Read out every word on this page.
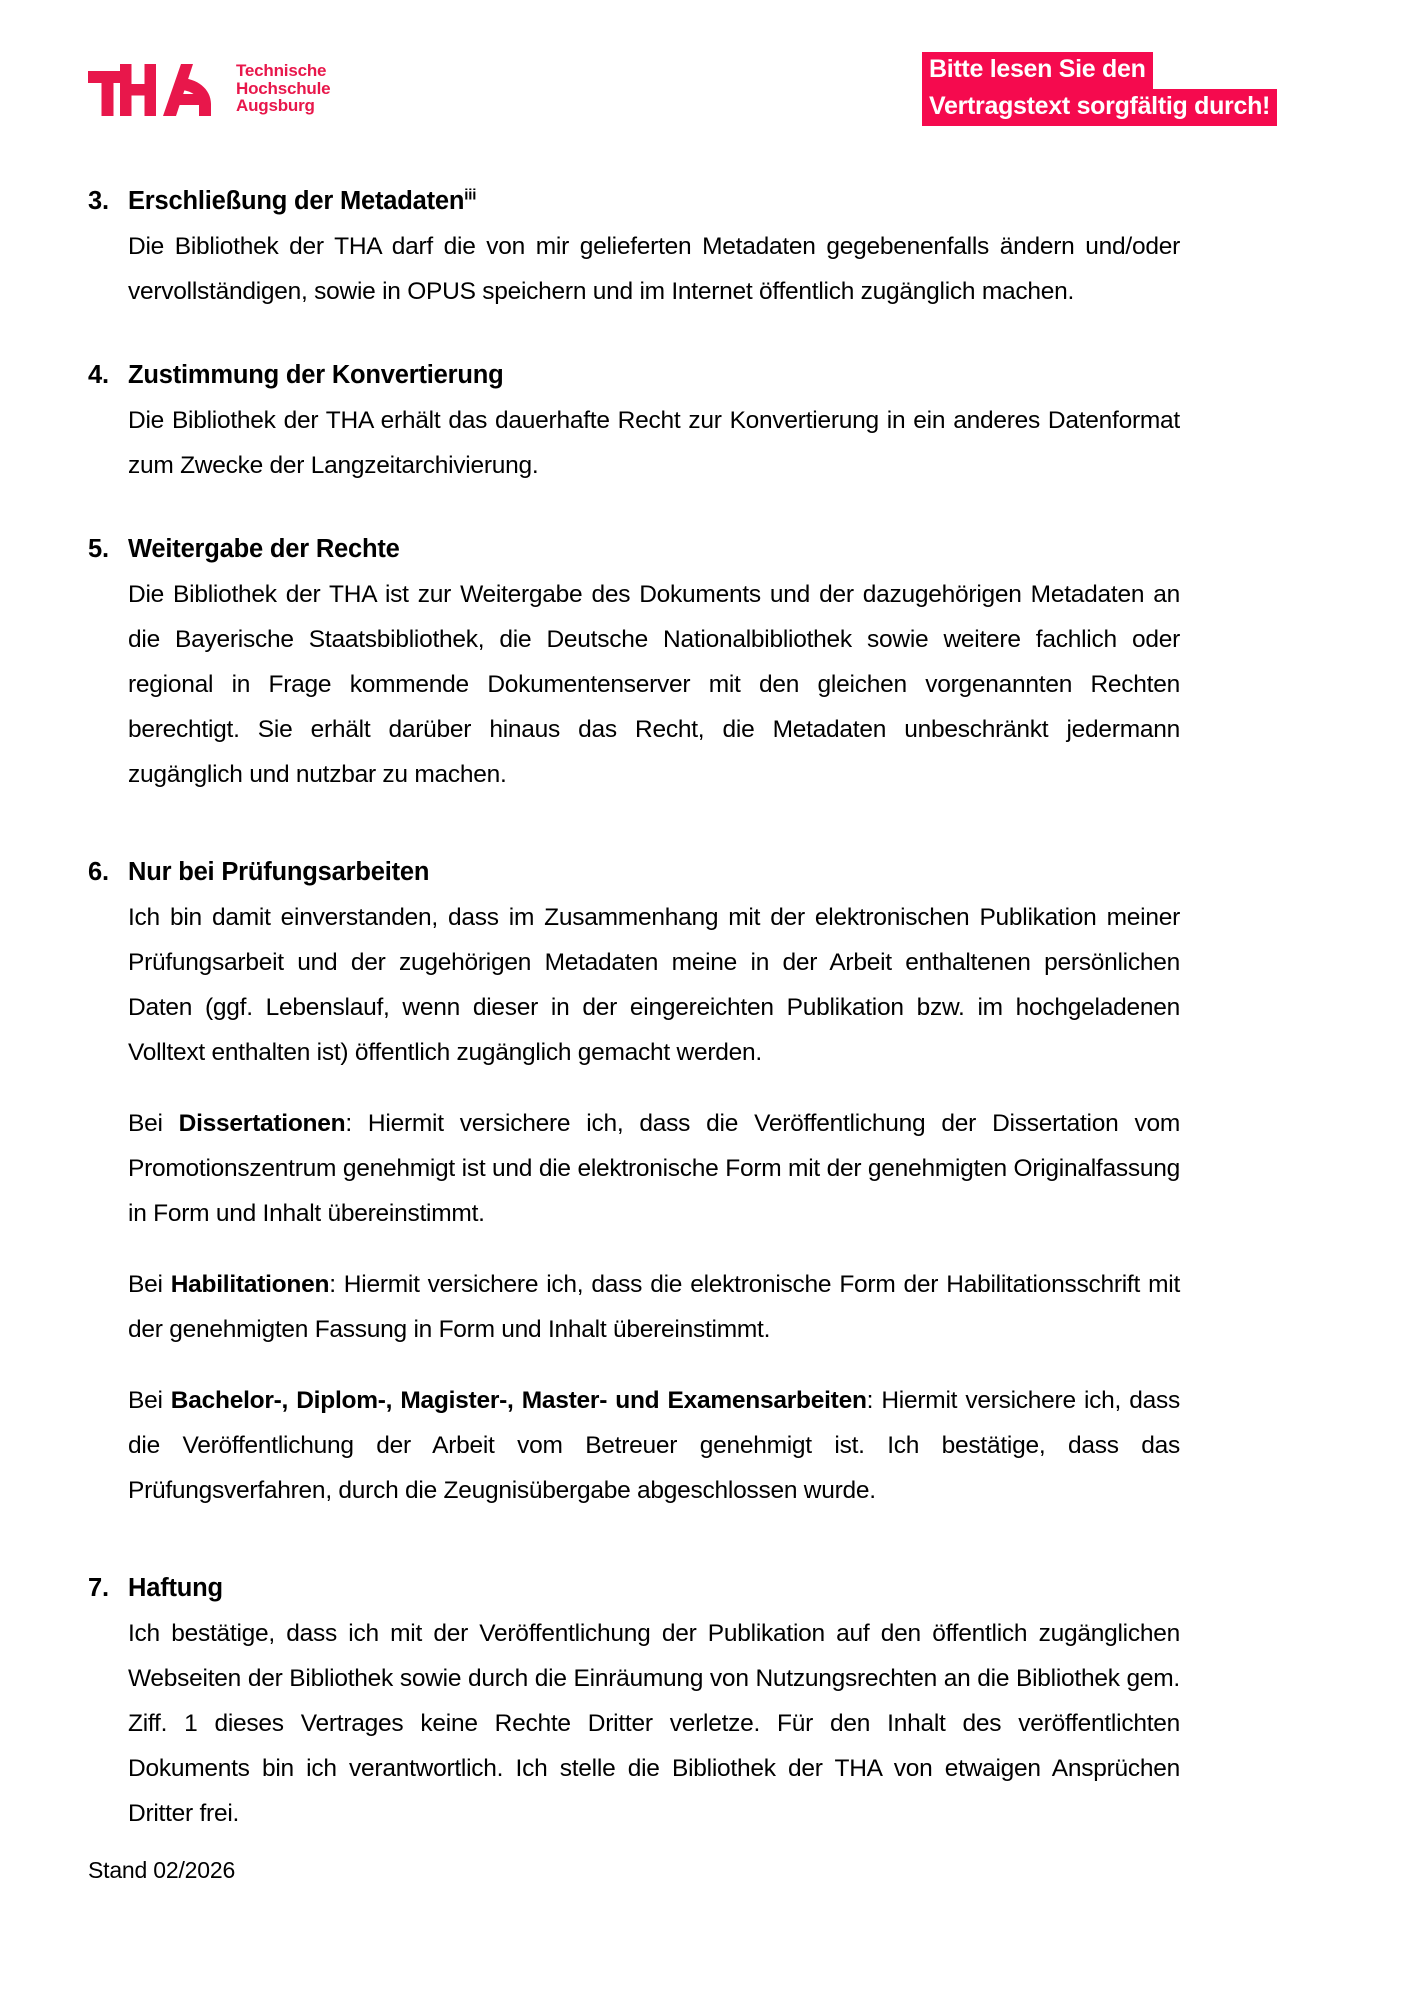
Technische
Hochschule
Augsburg
Bitte lesen Sie den
Vertragstext sorgfältig durch!
3. Erschließung der Metadaten$^{iii}$

Die Bibliothek der THA darf die von mir gelieferten Metadaten gegebenenfalls ändern und/oder vervollständigen, sowie in OPUS speichern und im Internet öffentlich zugänglich machen.

4. Zustimmung der Konvertierung

Die Bibliothek der THA erhält das dauerhafte Recht zur Konvertierung in ein anderes Datenformat zum Zwecke der Langzeitarchivierung.

5. Weitergabe der Rechte

Die Bibliothek der THA ist zur Weitergabe des Dokuments und der dazugehörigen Metadaten an die Bayerische Staatsbibliothek, die Deutsche Nationalbibliothek sowie weitere fachlich oder regional in Frage kommende Dokumentenserver mit den gleichen vorgenannten Rechten berechtigt. Sie erhält darüber hinaus das Recht, die Metadaten unbeschränkt jedermann zugänglich und nutzbar zu machen.

6. Nur bei Prüfungsarbeiten

Ich bin damit einverstanden, dass im Zusammenhang mit der elektronischen Publikation meiner Prüfungsarbeit und der zugehörigen Metadaten meine in der Arbeit enthaltenen persönlichen Daten (ggf. Lebenslauf, wenn dieser in der eingereichten Publikation bzw. im hochgeladenen Volltext enthalten ist) öffentlich zugänglich gemacht werden.

Bei Dissertationen: Hiermit versichere ich, dass die Veröffentlichung der Dissertation vom Promotionszentrum genehmigt ist und die elektronische Form mit der genehmigten Originalfassung in Form und Inhalt übereinstimmt.

Bei Habilitationen: Hiermit versichere ich, dass die elektronische Form der Habilitationsschrift mit der genehmigten Fassung in Form und Inhalt übereinstimmt.

Bei Bachelor-, Diplom-, Magister-, Master- und Examensarbeiten: Hiermit versichere ich, dass die Veröffentlichung der Arbeit vom Betreuer genehmigt ist. Ich bestätige, dass das Prüfungsverfahren, durch die Zeugnisübergabe abgeschlossen wurde.

7. Haftung

Ich bestätige, dass ich mit der Veröffentlichung der Publikation auf den öffentlich zugänglichen Webseiten der Bibliothek sowie durch die Einräumung von Nutzungsrechten an die Bibliothek gem. Ziff. 1 dieses Vertrages keine Rechte Dritter verletze. Für den Inhalt des veröffentlichten Dokuments bin ich verantwortlich. Ich stelle die Bibliothek der THA von etwaigen Ansprüchen Dritter frei.

Stand 02/2026
